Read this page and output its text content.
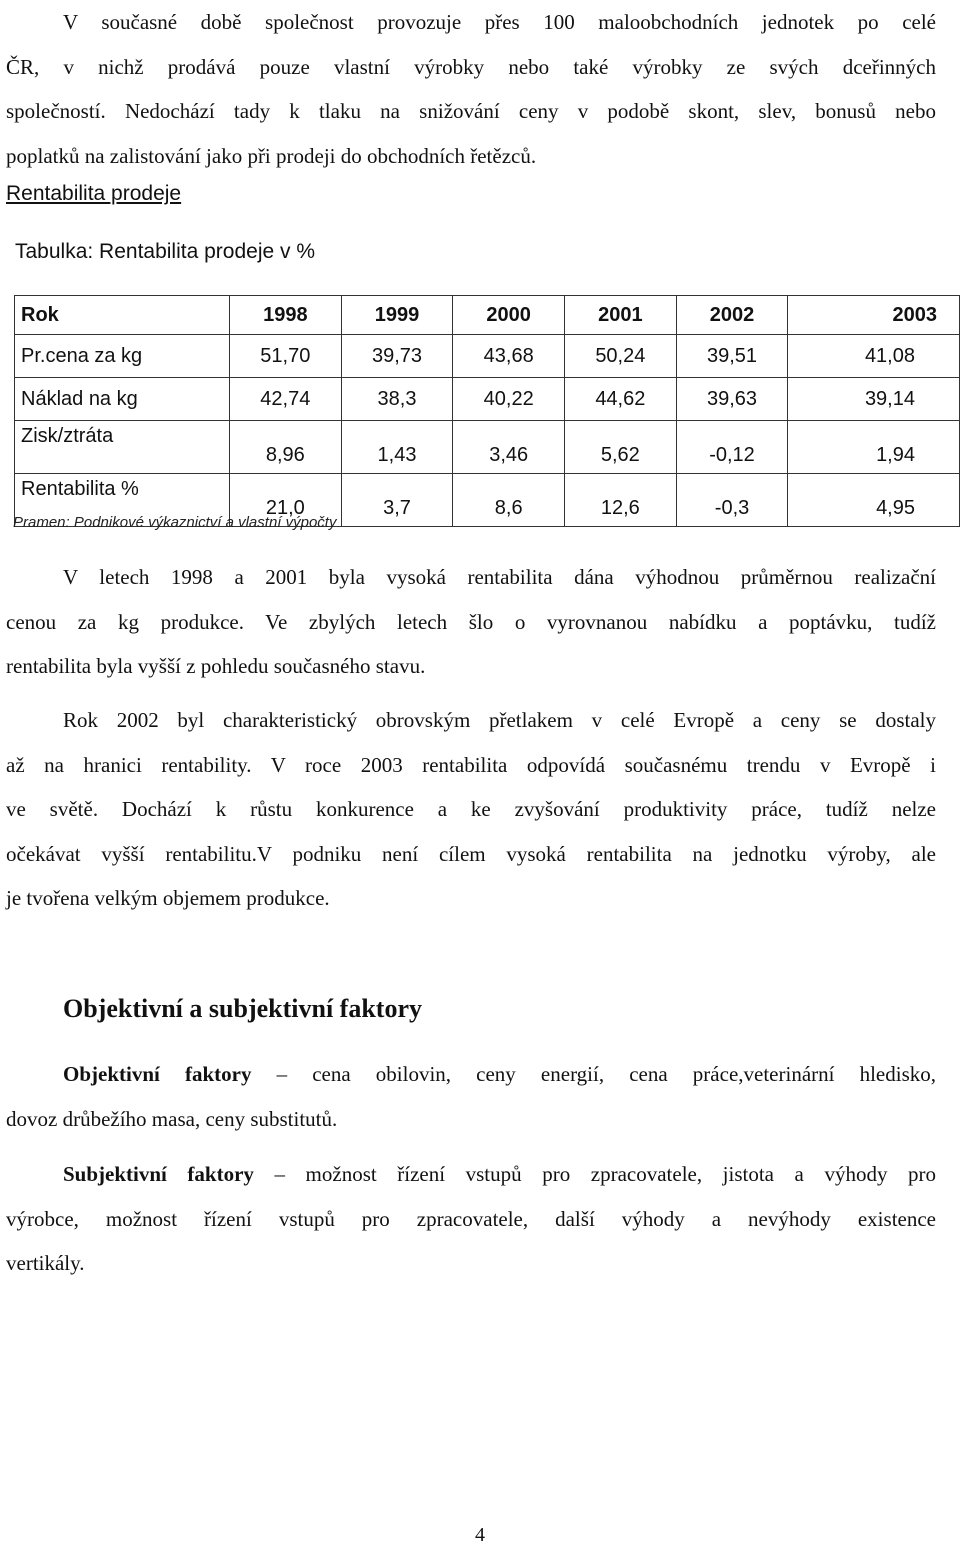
V současné době společnost provozuje přes 100 maloobchodních jednotek po celé
ČR, v nichž prodává pouze vlastní výrobky nebo také výrobky ze svých dceřinných
společností. Nedochází tady k tlaku na snižování ceny v podobě skont, slev, bonusů nebo
poplatků na zalistování jako při prodeji do obchodních řetězců.
Rentabilita prodeje
Tabulka: Rentabilita prodeje v %
Rok	1998	1999	2000	2001	2002	2003
Pr.cena za kg	51,70	39,73	43,68	50,24	39,51	41,08
Náklad na kg	42,74	38,3	40,22	44,62	39,63	39,14
Zisk/ztráta	8,96	1,43	3,46	5,62	-0,12	1,94
Rentabilita %	21,0	3,7	8,6	12,6	-0,3	4,95
Pramen: Podnikové výkaznictví a vlastní výpočty
V letech 1998 a 2001 byla vysoká rentabilita dána výhodnou průměrnou realizační
cenou za kg produkce. Ve zbylých letech šlo o vyrovnanou nabídku a poptávku, tudíž
rentabilita byla vyšší z pohledu současného stavu.
Rok 2002 byl charakteristický obrovským přetlakem v celé Evropě a ceny se dostaly
až na hranici rentability. V roce 2003 rentabilita odpovídá současnému trendu v Evropě i
ve světě. Dochází k růstu konkurence a ke zvyšování produktivity práce, tudíž nelze
očekávat vyšší rentabilitu.V podniku není cílem vysoká rentabilita na jednotku výroby, ale
je tvořena velkým objemem produkce.
Objektivní a subjektivní faktory
Objektivní faktory – cena obilovin, ceny energií, cena práce,veterinární hledisko,
dovoz drůbežího masa, ceny substitutů.
Subjektivní faktory – možnost řízení vstupů pro zpracovatele, jistota a výhody pro
výrobce, možnost řízení vstupů pro zpracovatele, další výhody a nevýhody existence
vertikály.
4
